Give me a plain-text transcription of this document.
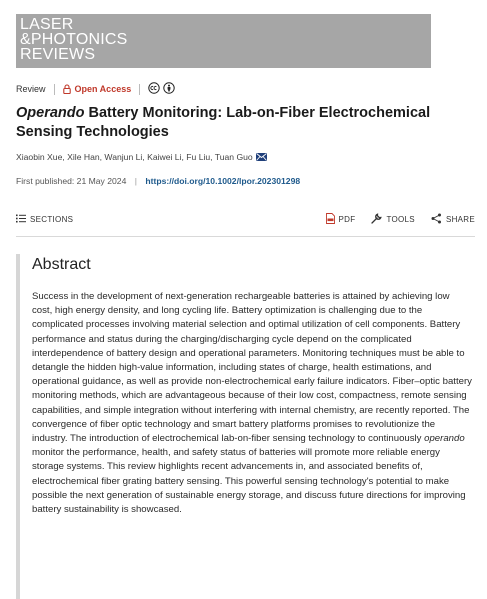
LASER
&PHOTONICS
REVIEWS
Review	Open Access
Operando Battery Monitoring: Lab-on-Fiber Electrochemical Sensing Technologies
Xiaobin Xue , Xile Han , Wanjun Li , Kaiwei Li , Fu Liu , Tuan Guo
First published: 21 May 2024 | https://doi.org/10.1002/lpor.202301298
SECTIONS	PDF	TOOLS	SHARE
Abstract

Success in the development of next-generation rechargeable batteries is attained by achieving low cost, high energy density, and long cycling life. Battery optimization is challenging due to the complicated processes involving material selection and optimal utilization of cell components. Battery performance and status during the charging/discharging cycle depend on the complicated interdependence of battery design and operational parameters. Monitoring techniques must be able to detangle the hidden high-value information, including states of charge, health estimations, and operational guidance, as well as provide non-electrochemical early failure indicators. Fiber–optic battery monitoring methods, which are advantageous because of their low cost, compactness, remote sensing capabilities, and simple integration without interfering with internal chemistry, are recently reported. The convergence of fiber optic technology and smart battery platforms promises to revolutionize the industry. The introduction of electrochemical lab-on-fiber sensing technology to continuously operando monitor the performance, health, and safety status of batteries will promote more reliable energy storage systems. This review highlights recent advancements in, and associated benefits of, electrochemical fiber grating battery sensing. This powerful sensing technology's potential to make possible the next generation of sustainable energy storage, and discuss future directions for improving battery sustainability is showcased.
